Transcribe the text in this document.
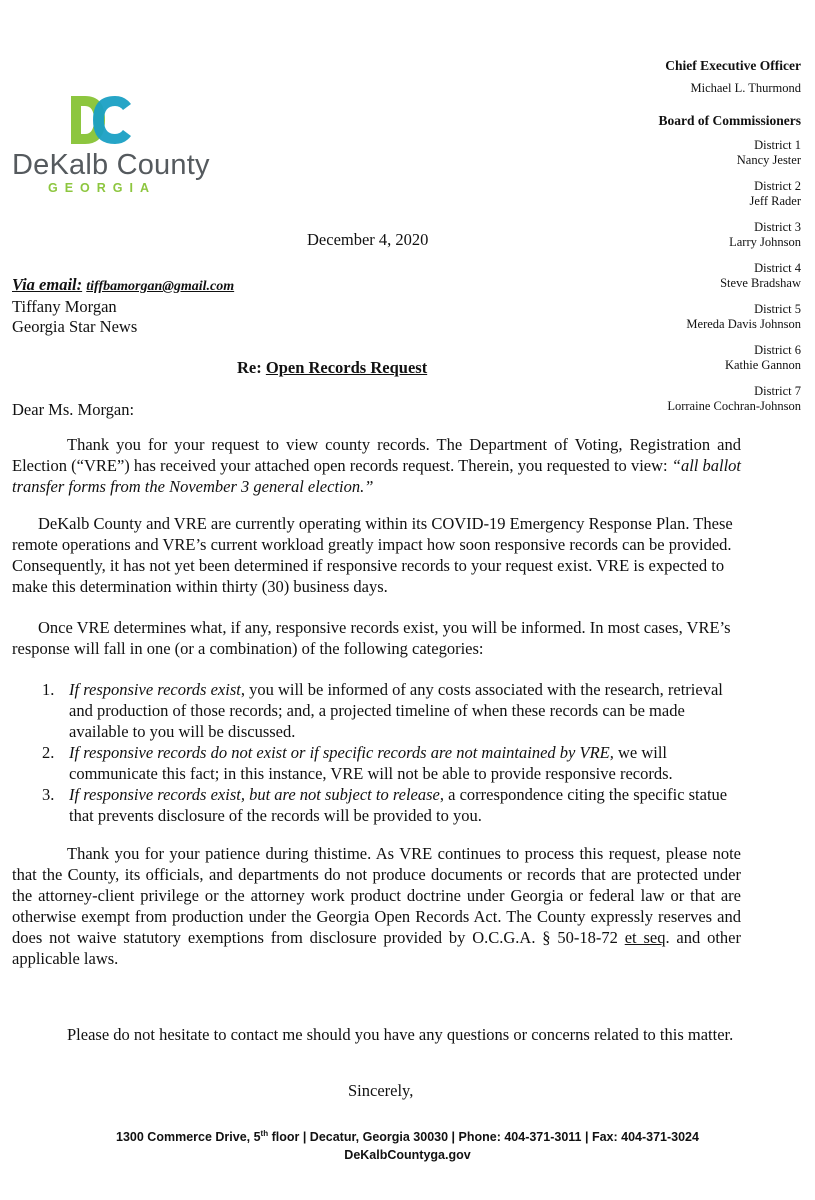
DeKalb County
GEORGIA
Chief Executive Officer
Michael L. Thurmond
Board of Commissioners
District 1
Nancy Jester
District 2
Jeff Rader
District 3
Larry Johnson
District 4
Steve Bradshaw
District 5
Mereda Davis Johnson
District 6
Kathie Gannon
District 7
Lorraine Cochran-Johnson
December 4, 2020
Via email: tiffbamorgan@gmail.com
Tiffany Morgan
Georgia Star News
Re: Open Records Request
Dear Ms. Morgan:
Thank you for your request to view county records. The Department of Voting, Registration and Election (“VRE”) has received your attached open records request. Therein, you requested to view: “all ballot transfer forms from the November 3 general election.”
DeKalb County and VRE are currently operating within its COVID-19 Emergency Response Plan. These remote operations and VRE’s current workload greatly impact how soon responsive records can be provided. Consequently, it has not yet been determined if responsive records to your request exist. VRE is expected to make this determination within thirty (30) business days.
Once VRE determines what, if any, responsive records exist, you will be informed. In most cases, VRE’s response will fall in one (or a combination) of the following categories:
1. If responsive records exist, you will be informed of any costs associated with the research, retrieval and production of those records; and, a projected timeline of when these records can be made available to you will be discussed.
2. If responsive records do not exist or if specific records are not maintained by VRE, we will communicate this fact; in this instance, VRE will not be able to provide responsive records.
3. If responsive records exist, but are not subject to release, a correspondence citing the specific statue that prevents disclosure of the records will be provided to you.
Thank you for your patience during thistime. As VRE continues to process this request, please note that the County, its officials, and departments do not produce documents or records that are protected under the attorney-client privilege or the attorney work product doctrine under Georgia or federal law or that are otherwise exempt from production under the Georgia Open Records Act. The County expressly reserves and does not waive statutory exemptions from disclosure provided by O.C.G.A. § 50-18-72 et seq. and other applicable laws.
Please do not hesitate to contact me should you have any questions or concerns related to this matter.
Sincerely,
1300 Commerce Drive, 5th floor | Decatur, Georgia 30030 | Phone: 404-371-3011 | Fax: 404-371-3024
DeKalbCountyga.gov
